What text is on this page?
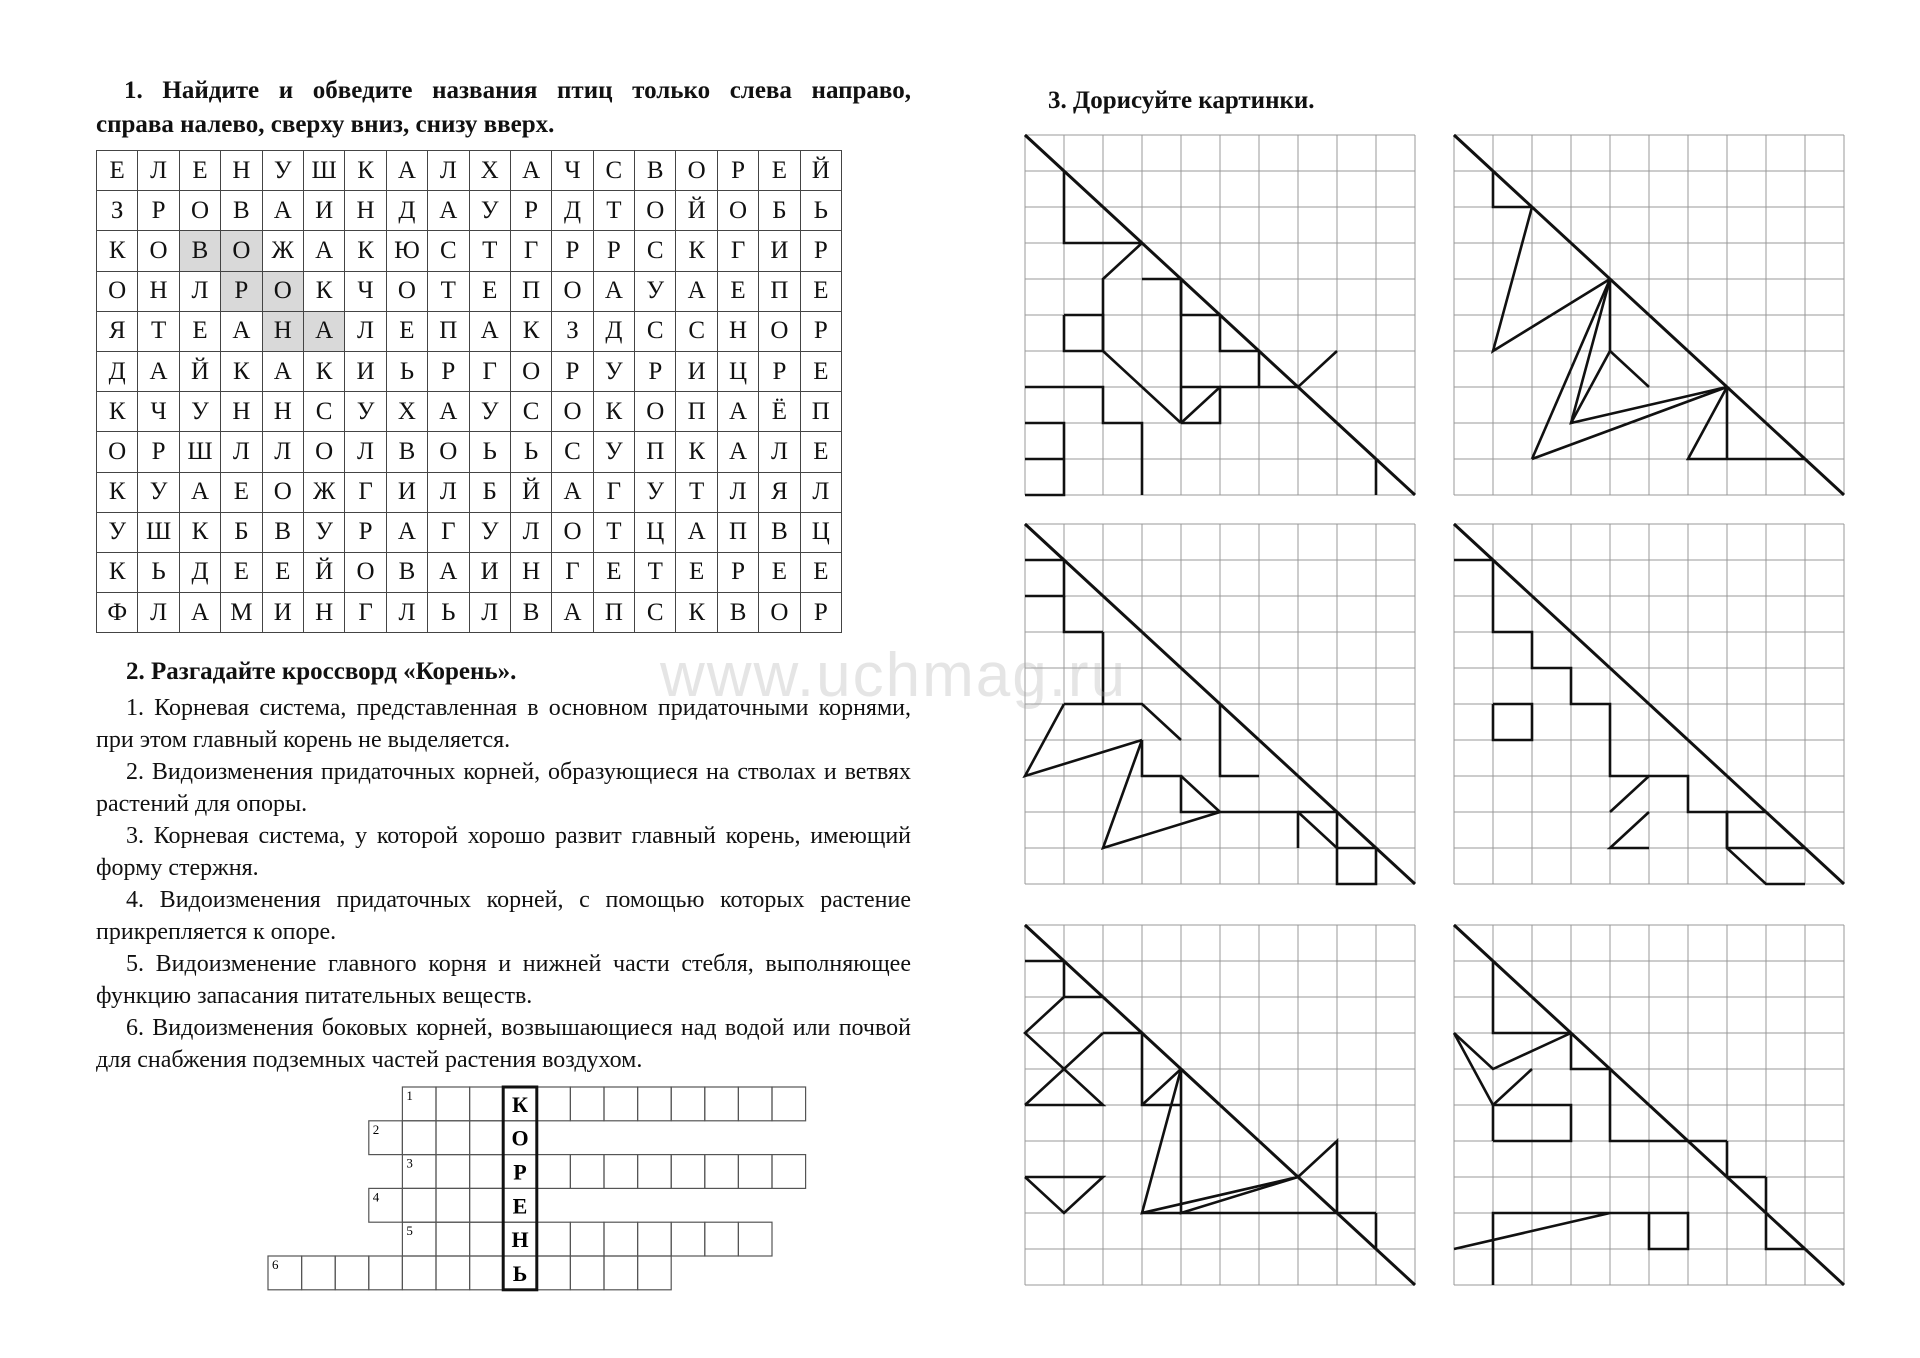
1. Найдите и обведите названия птиц только слева направо,
справа налево, сверху вниз, снизу вверх.
Е	Л	Е	Н	У	Ш	К	А	Л	Х	А	Ч	С	В	О	Р	Е	Й
З	Р	О	В	А	И	Н	Д	А	У	Р	Д	Т	О	Й	О	Б	Ь
К	О	В	О	Ж	А	К	Ю	С	Т	Г	Р	Р	С	К	Г	И	Р
О	Н	Л	Р	О	К	Ч	О	Т	Е	П	О	А	У	А	Е	П	Е
Я	Т	Е	А	Н	А	Л	Е	П	А	К	З	Д	С	С	Н	О	Р
Д	А	Й	К	А	К	И	Ь	Р	Г	О	Р	У	Р	И	Ц	Р	Е
К	Ч	У	Н	Н	С	У	Х	А	У	С	О	К	О	П	А	Ё	П
О	Р	Ш	Л	Л	О	Л	В	О	Ь	Ь	С	У	П	К	А	Л	Е
К	У	А	Е	О	Ж	Г	И	Л	Б	Й	А	Г	У	Т	Л	Я	Л
У	Ш	К	Б	В	У	Р	А	Г	У	Л	О	Т	Ц	А	П	В	Ц
К	Ь	Д	Е	Е	Й	О	В	А	И	Н	Г	Е	Т	Е	Р	Е	Е
Ф	Л	А	М	И	Н	Г	Л	Ь	Л	В	А	П	С	К	В	О	Р
2. Разгадайте кроссворд «Корень».

1. Корневая система, представленная в основном придаточными корнями, при этом главный корень не выделяется.

2. Видоизменения придаточных корней, образующиеся на стволах и ветвях растений для опоры.

3. Корневая система, у которой хорошо развит главный корень, имеющий форму стержня.

4. Видоизменения придаточных корней, с помощью которых растение прикрепляется к опоре.

5. Видоизменение главного корня и нижней части стебля, выполняющее функцию запасания питательных веществ.

6. Видоизменения боковых корней, возвышающиеся над водой или почвой для снабжения подземных частей растения воздухом.

1	К
2	О
3	Р
4	Е
5	Н
6	Ь
3. Дорисуйте картинки.
www.uchmag.ru
